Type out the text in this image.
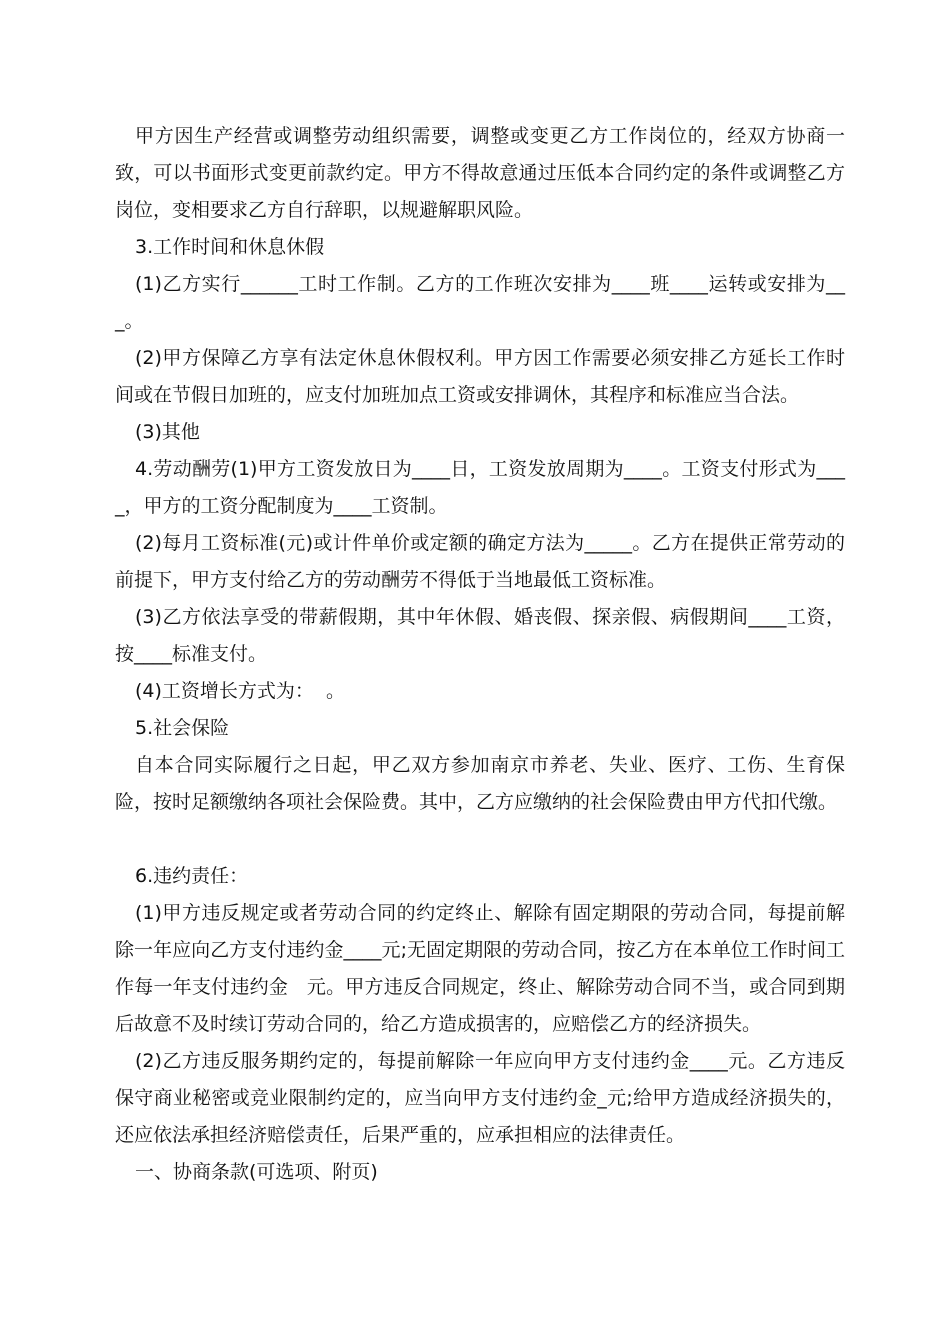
甲方因生产经营或调整劳动组织需要，调整或变更乙方工作岗位的，经双方协商一致，可以书面形式变更前款约定。甲方不得故意通过压低本合同约定的条件或调整乙方岗位，变相要求乙方自行辞职，以规避解职风险。

3.工作时间和休息休假

(1)乙方实行______工时工作制。乙方的工作班次安排为____班____运转或安排为___。

(2)甲方保障乙方享有法定休息休假权利。甲方因工作需要必须安排乙方延长工作时间或在节假日加班的，应支付加班加点工资或安排调休，其程序和标准应当合法。

(3)其他

4.劳动酬劳(1)甲方工资发放日为____日，工资发放周期为____。工资支付形式为____，甲方的工资分配制度为____工资制。

(2)每月工资标准(元)或计件单价或定额的确定方法为_____。乙方在提供正常劳动的前提下，甲方支付给乙方的劳动酬劳不得低于当地最低工资标准。

(3)乙方依法享受的带薪假期，其中年休假、婚丧假、探亲假、病假期间____工资，按____标准支付。

(4)工资增长方式为：  。

5.社会保险

自本合同实际履行之日起，甲乙双方参加南京市养老、失业、医疗、工伤、生育保险，按时足额缴纳各项社会保险费。其中，乙方应缴纳的社会保险费由甲方代扣代缴。

6.违约责任：

(1)甲方违反规定或者劳动合同的约定终止、解除有固定期限的劳动合同，每提前解除一年应向乙方支付违约金____元;无固定期限的劳动合同，按乙方在本单位工作时间工作每一年支付违约金   元。甲方违反合同规定，终止、解除劳动合同不当，或合同到期后故意不及时续订劳动合同的，给乙方造成损害的，应赔偿乙方的经济损失。

(2)乙方违反服务期约定的，每提前解除一年应向甲方支付违约金____元。乙方违反保守商业秘密或竞业限制约定的，应当向甲方支付违约金_元;给甲方造成经济损失的，还应依法承担经济赔偿责任，后果严重的，应承担相应的法律责任。

一、协商条款(可选项、附页)
